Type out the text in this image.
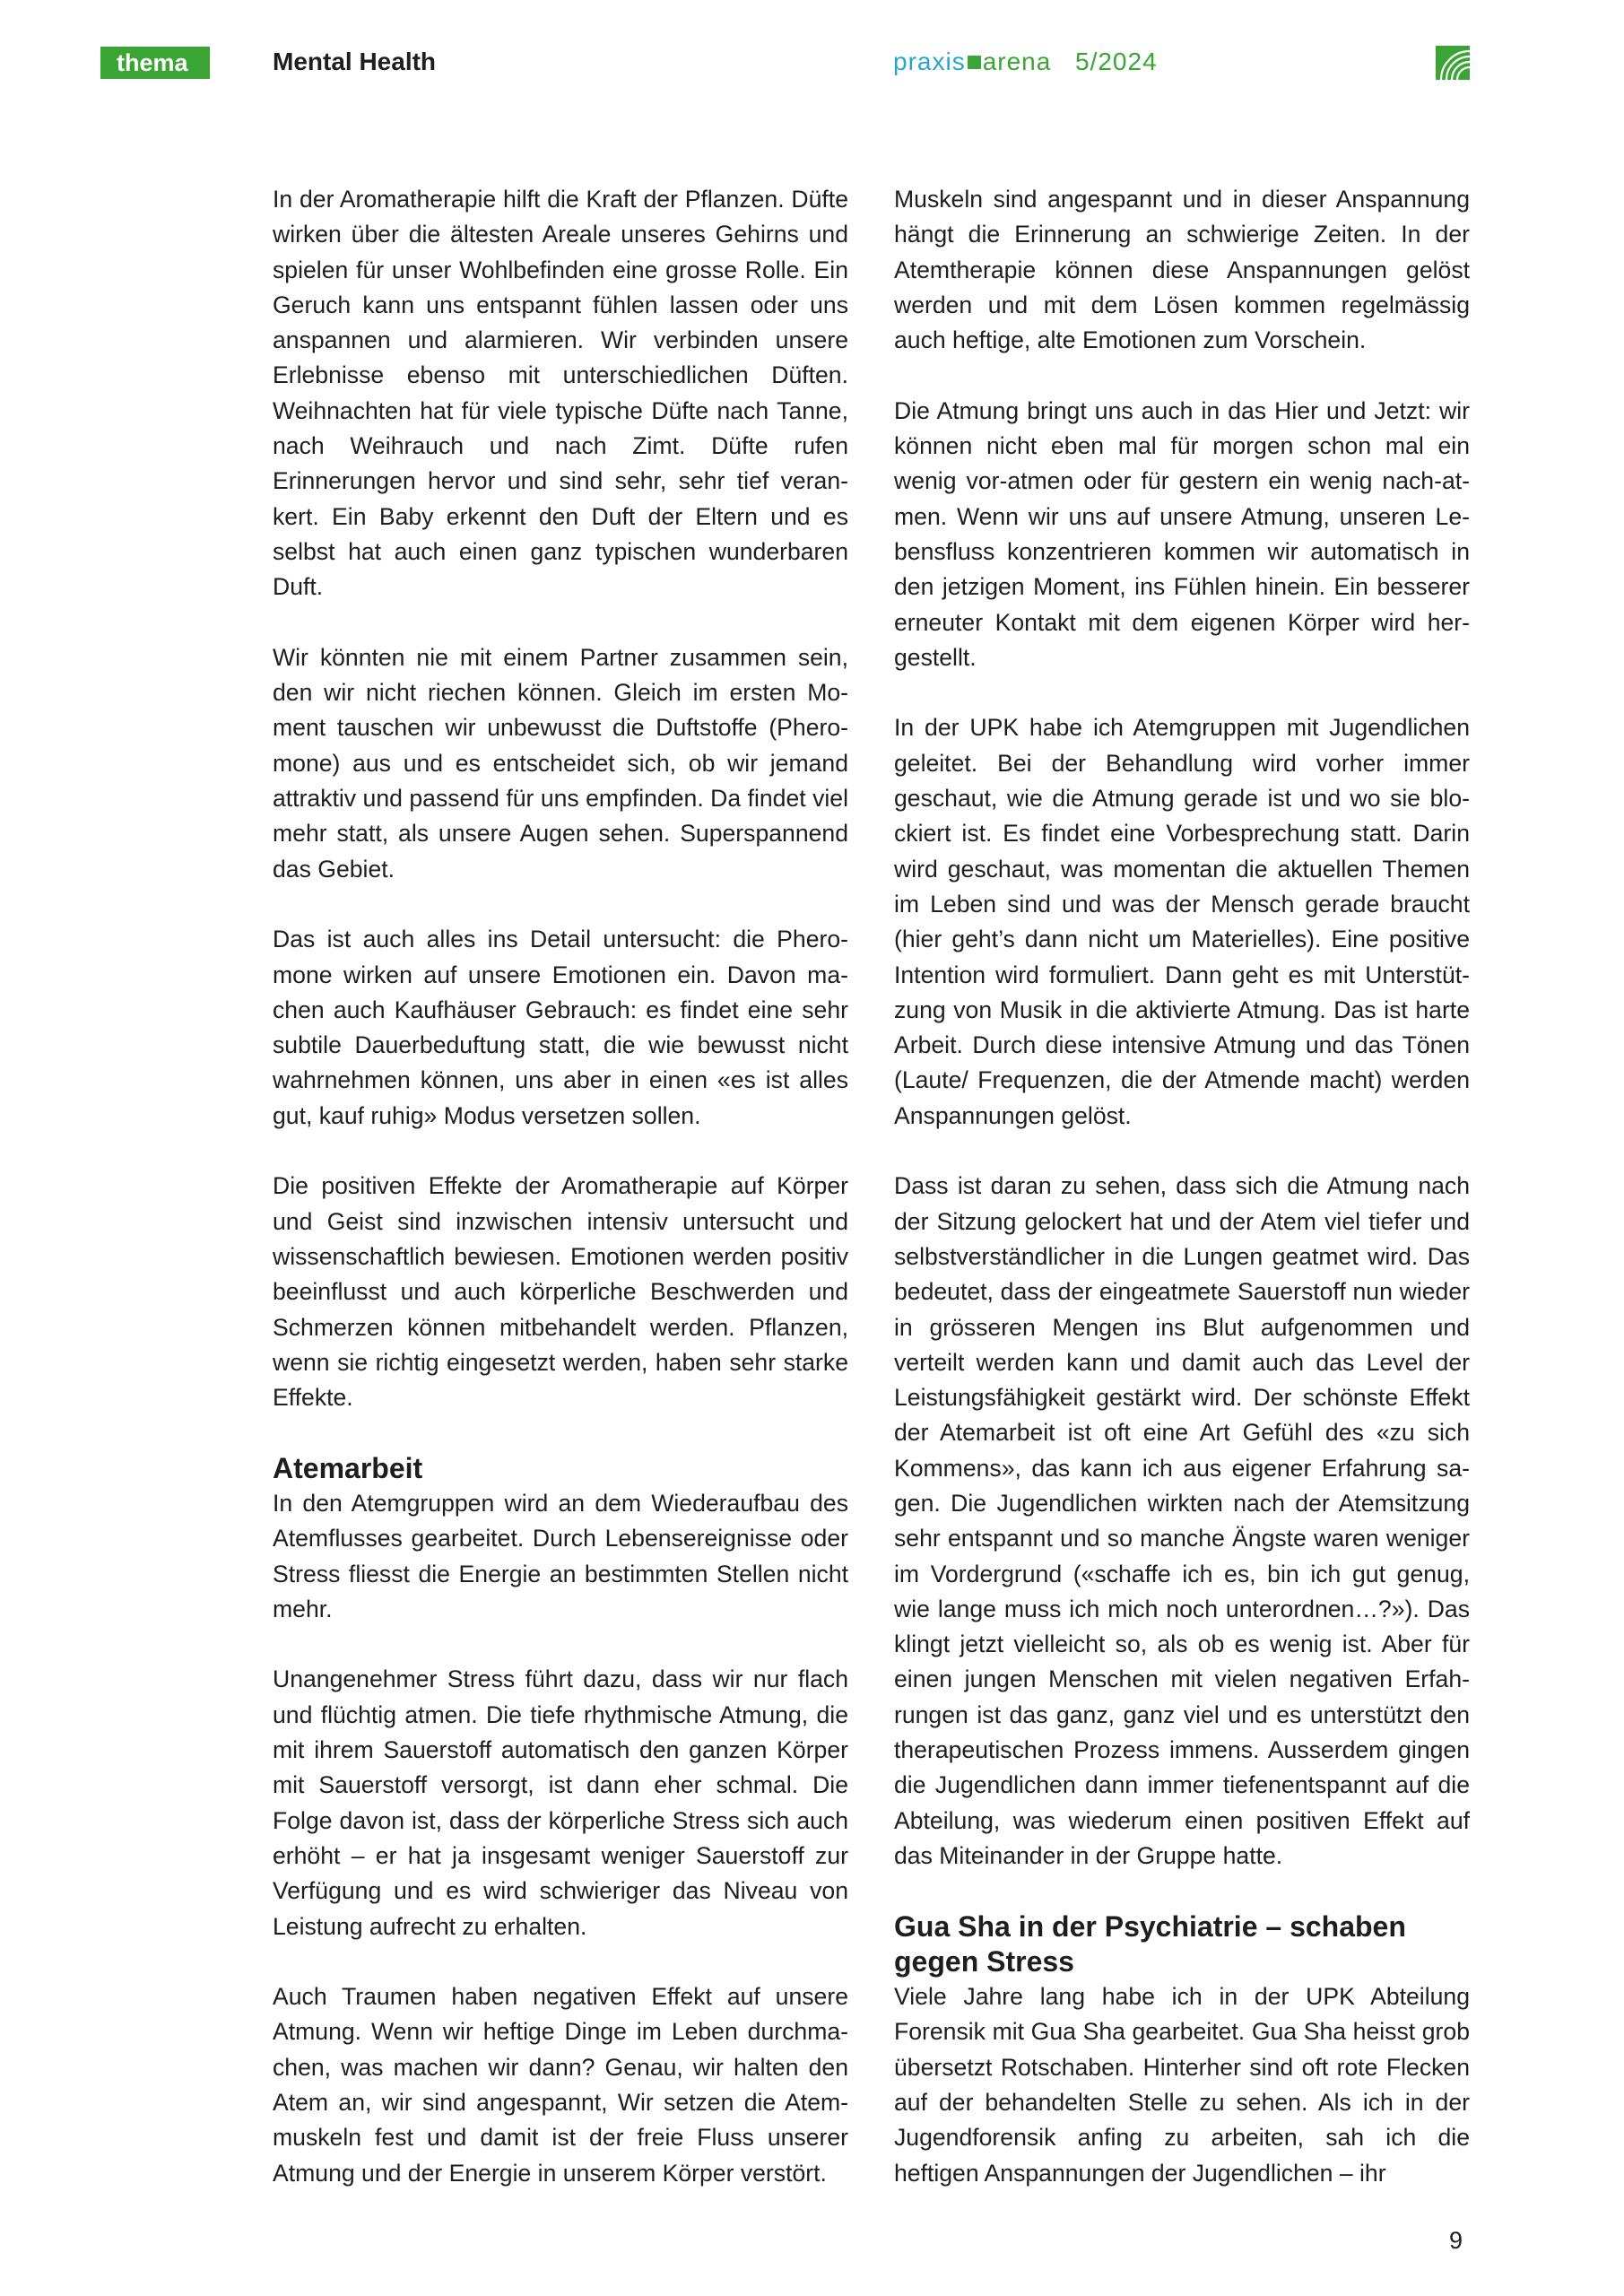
thema	Mental Health	praxis arena 5/2024

In der Aromatherapie hilft die Kraft der Pflanzen. Düfte wirken über die ältesten Areale unseres Gehirns und spielen für unser Wohlbefinden eine grosse Rolle. Ein Geruch kann uns entspannt fühlen lassen oder uns anspannen und alarmieren. Wir verbinden unsere Erlebnisse ebenso mit unterschiedlichen Düften. Weihnachten hat für viele typische Düfte nach Tanne, nach Weihrauch und nach Zimt. Düfte rufen Erinnerungen hervor und sind sehr, sehr tief verankert. Ein Baby erkennt den Duft der Eltern und es selbst hat auch einen ganz typischen wunderbaren Duft.

Wir könnten nie mit einem Partner zusammen sein, den wir nicht riechen können. Gleich im ersten Moment tauschen wir unbewusst die Duftstoffe (Pheromone) aus und es entscheidet sich, ob wir jemand attraktiv und passend für uns empfinden. Da findet viel mehr statt, als unsere Augen sehen. Superspannend das Gebiet.

Das ist auch alles ins Detail untersucht: die Pheromone wirken auf unsere Emotionen ein. Davon machen auch Kaufhäuser Gebrauch: es findet eine sehr subtile Dauerbeduftung statt, die wie bewusst nicht wahrnehmen können, uns aber in einen «es ist alles gut, kauf ruhig» Modus versetzen sollen.

Die positiven Effekte der Aromatherapie auf Körper und Geist sind inzwischen intensiv untersucht und wissenschaftlich bewiesen. Emotionen werden positiv beeinflusst und auch körperliche Beschwerden und Schmerzen können mitbehandelt werden. Pflanzen, wenn sie richtig eingesetzt werden, haben sehr starke Effekte.

Atemarbeit

In den Atemgruppen wird an dem Wiederaufbau des Atemflusses gearbeitet. Durch Lebensereignisse oder Stress fliesst die Energie an bestimmten Stellen nicht mehr.

Unangenehmer Stress führt dazu, dass wir nur flach und flüchtig atmen. Die tiefe rhythmische Atmung, die mit ihrem Sauerstoff automatisch den ganzen Körper mit Sauerstoff versorgt, ist dann eher schmal. Die Folge davon ist, dass der körperliche Stress sich auch erhöht – er hat ja insgesamt weniger Sauerstoff zur Verfügung und es wird schwieriger das Niveau von Leistung aufrecht zu erhalten.

Auch Traumen haben negativen Effekt auf unsere Atmung. Wenn wir heftige Dinge im Leben durchmachen, was machen wir dann? Genau, wir halten den Atem an, wir sind angespannt, Wir setzen die Atemmuskeln fest und damit ist der freie Fluss unserer Atmung und der Energie in unserem Körper verstört.

Muskeln sind angespannt und in dieser Anspannung hängt die Erinnerung an schwierige Zeiten. In der Atemtherapie können diese Anspannungen gelöst werden und mit dem Lösen kommen regelmässig auch heftige, alte Emotionen zum Vorschein.

Die Atmung bringt uns auch in das Hier und Jetzt: wir können nicht eben mal für morgen schon mal ein wenig vor-atmen oder für gestern ein wenig nach-atmen. Wenn wir uns auf unsere Atmung, unseren Lebensfluss konzentrieren kommen wir automatisch in den jetzigen Moment, ins Fühlen hinein. Ein besserer erneuter Kontakt mit dem eigenen Körper wird hergestellt.

In der UPK habe ich Atemgruppen mit Jugendlichen geleitet. Bei der Behandlung wird vorher immer geschaut, wie die Atmung gerade ist und wo sie blockiert ist. Es findet eine Vorbesprechung statt. Darin wird geschaut, was momentan die aktuellen Themen im Leben sind und was der Mensch gerade braucht (hier geht’s dann nicht um Materielles). Eine positive Intention wird formuliert. Dann geht es mit Unterstützung von Musik in die aktivierte Atmung. Das ist harte Arbeit. Durch diese intensive Atmung und das Tönen (Laute/ Frequenzen, die der Atmende macht) werden Anspannungen gelöst.

Dass ist daran zu sehen, dass sich die Atmung nach der Sitzung gelockert hat und der Atem viel tiefer und selbstverständlicher in die Lungen geatmet wird. Das bedeutet, dass der eingeatmete Sauerstoff nun wieder in grösseren Mengen ins Blut aufgenommen und verteilt werden kann und damit auch das Level der Leistungsfähigkeit gestärkt wird. Der schönste Effekt der Atemarbeit ist oft eine Art Gefühl des «zu sich Kommens», das kann ich aus eigener Erfahrung sagen. Die Jugendlichen wirkten nach der Atemsitzung sehr entspannt und so manche Ängste waren weniger im Vordergrund («schaffe ich es, bin ich gut genug, wie lange muss ich mich noch unterordnen…?»). Das klingt jetzt vielleicht so, als ob es wenig ist. Aber für einen jungen Menschen mit vielen negativen Erfahrungen ist das ganz, ganz viel und es unterstützt den therapeutischen Prozess immens. Ausserdem gingen die Jugendlichen dann immer tiefenentspannt auf die Abteilung, was wiederum einen positiven Effekt auf das Miteinander in der Gruppe hatte.

Gua Sha in der Psychiatrie – schaben gegen Stress

Viele Jahre lang habe ich in der UPK Abteilung Forensik mit Gua Sha gearbeitet. Gua Sha heisst grob übersetzt Rotschaben. Hinterher sind oft rote Flecken auf der behandelten Stelle zu sehen. Als ich in der Jugendforensik anfing zu arbeiten, sah ich die heftigen Anspannungen der Jugendlichen – ihr

9
